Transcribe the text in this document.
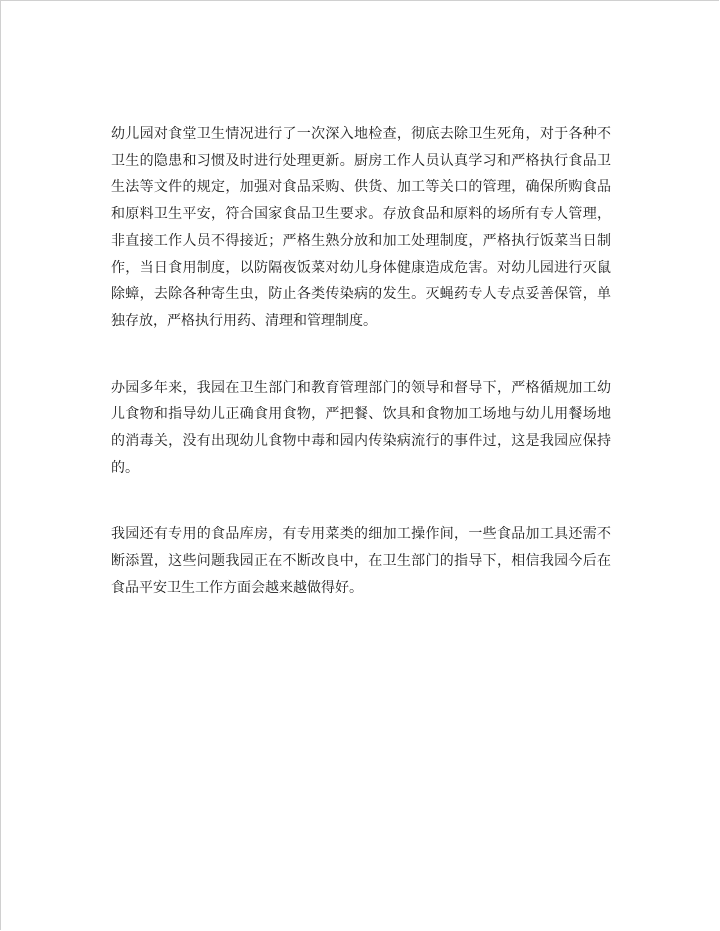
幼儿园对食堂卫生情况进行了一次深入地检查，彻底去除卫生死角，对于各种不卫生的隐患和习惯及时进行处理更新。厨房工作人员认真学习和严格执行食品卫生法等文件的规定，加强对食品采购、供货、加工等关口的管理，确保所购食品和原料卫生平安，符合国家食品卫生要求。存放食品和原料的场所有专人管理，非直接工作人员不得接近；严格生熟分放和加工处理制度，严格执行饭菜当日制作，当日食用制度，以防隔夜饭菜对幼儿身体健康造成危害。对幼儿园进行灭鼠除蟑，去除各种寄生虫，防止各类传染病的发生。灭蝇药专人专点妥善保管，单独存放，严格执行用药、清理和管理制度。

办园多年来，我园在卫生部门和教育管理部门的领导和督导下，严格循规加工幼儿食物和指导幼儿正确食用食物，严把餐、饮具和食物加工场地与幼儿用餐场地的消毒关，没有出现幼儿食物中毒和园内传染病流行的事件过，这是我园应保持的。

我园还有专用的食品库房，有专用菜类的细加工操作间，一些食品加工具还需不断添置，这些问题我园正在不断改良中，在卫生部门的指导下，相信我园今后在食品平安卫生工作方面会越来越做得好。
